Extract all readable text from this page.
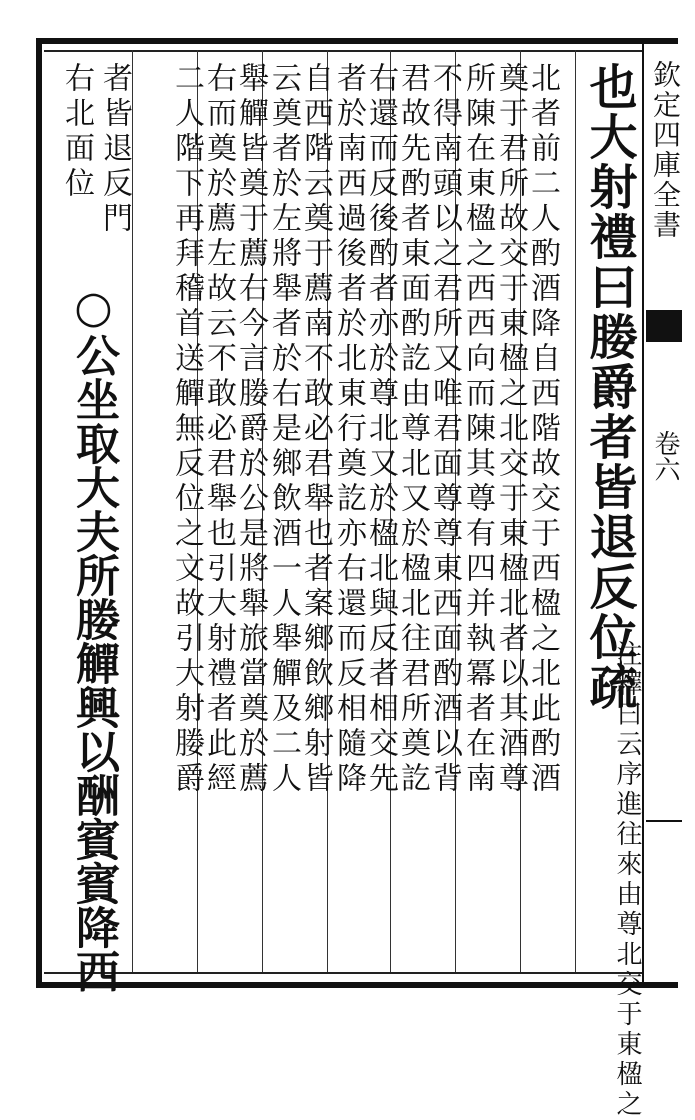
欽定四庫全書
卷六
也大射禮曰媵爵者皆退反位疏
注釋曰云序進往來由尊北交于東楹之
北者前二人酌酒降自西階故交于西楹之北此酌酒
奠于君所故交于東楹之北交于東楹北者以其酒尊
所陳在東楹之西西向而陳其尊有四并執冪者在南
不得南頭以之君所又唯君面尊尊東西面酌酒以背
君故先酌者東面酌訖由尊北又於楹北往君所奠訖
右還而反後酌者亦於尊北又於楹北與反者相交先
者於南西過後者於北東行奠訖亦右還而反相隨降
自西階云奠于薦南不敢必君舉也者案鄉飲鄉射皆
云奠者於左將舉者於右是鄉飲酒一人舉觶及二人
舉觶皆奠于薦右今言媵爵於公是將舉旅當奠於薦
右而奠於薦左故云不敢必君舉也引大射禮者此經
二人階下再拜稽首送觶無反位之文故引大射媵爵
者皆退反門
右北面位
○公坐取大夫所媵觶興以酬賓賓降西
